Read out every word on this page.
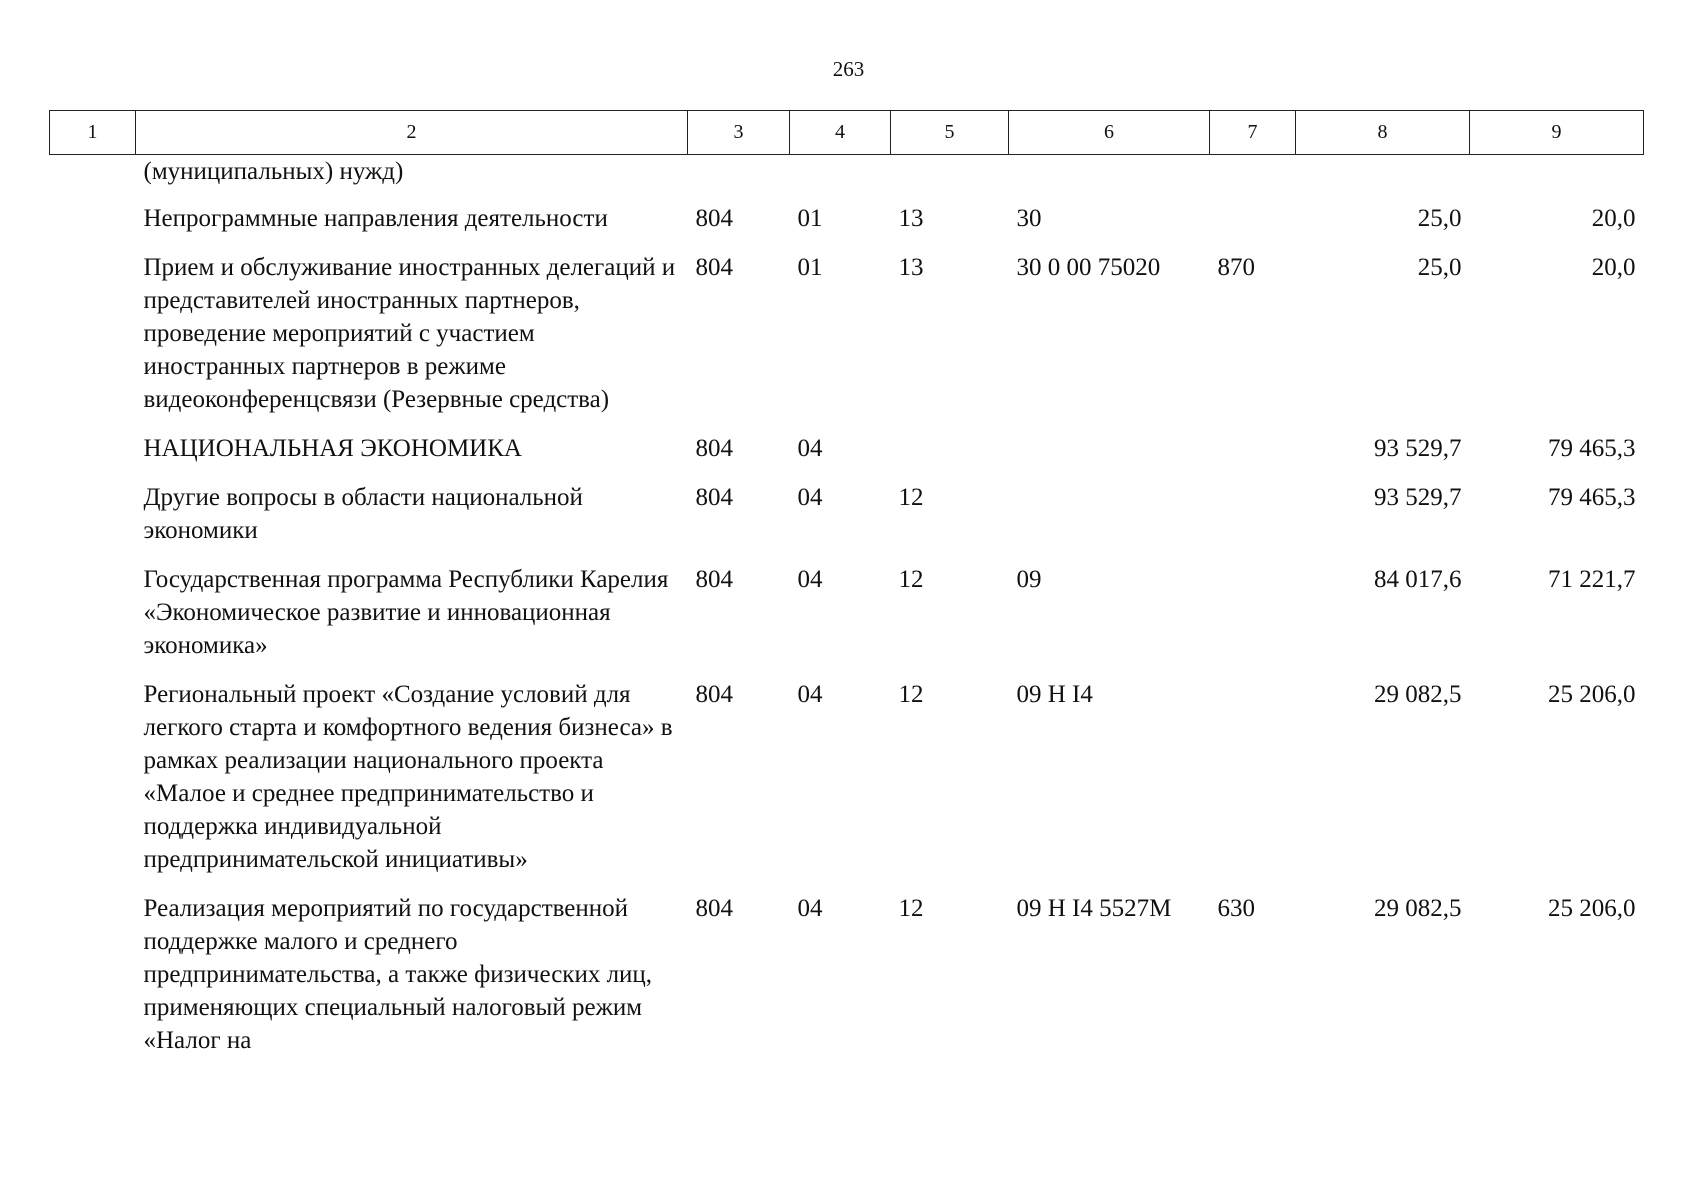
263
1	2	3	4	5	6	7	8	9
	(муниципальных) нужд)							
	Непрограммные направления деятельности	804	01	13	30		25,0	20,0
	Прием и обслуживание иностранных делегаций и представителей иностранных партнеров, проведение мероприятий с участием иностранных партнеров в режиме видеоконференцсвязи (Резервные средства)	804	01	13	30 0 00 75020	870	25,0	20,0
	НАЦИОНАЛЬНАЯ ЭКОНОМИКА	804	04				93 529,7	79 465,3
	Другие вопросы в области национальной экономики	804	04	12			93 529,7	79 465,3
	Государственная программа Республики Карелия «Экономическое развитие и инновационная экономика»	804	04	12	09		84 017,6	71 221,7
	Региональный проект «Создание условий для легкого старта и комфортного ведения бизнеса» в рамках реализации национального проекта «Малое и среднее предпринимательство и поддержка индивидуальной предпринимательской инициативы»	804	04	12	09 Н I4		29 082,5	25 206,0
	Реализация мероприятий по государственной поддержке малого и среднего предпринимательства, а также физических лиц, применяющих специальный налоговый режим «Налог на	804	04	12	09 Н I4 5527М	630	29 082,5	25 206,0
